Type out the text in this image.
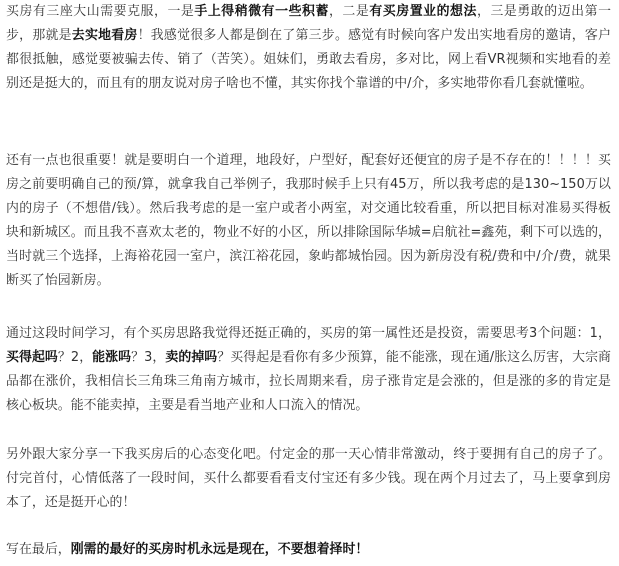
买房有三座大山需要克服，一是手上得稍微有一些积蓄，二是有买房置业的想法，三是勇敢的迈出第一步，那就是去实地看房！我感觉很多人都是倒在了第三步。感觉有时候向客户发出实地看房的邀请，客户都很抵触，感觉要被骗去传、销了（苦笑）。姐妹们，勇敢去看房，多对比，网上看VR视频和实地看的差别还是挺大的，而且有的朋友说对房子啥也不懂，其实你找个靠谱的中/介，多实地带你看几套就懂啦。

还有一点也很重要！就是要明白一个道理，地段好，户型好，配套好还便宜的房子是不存在的！！！！买房之前要明确自己的预/算，就拿我自己举例子，我那时候手上只有45万，所以我考虑的是130~150万以内的房子（不想借/钱）。然后我考虑的是一室户或者小两室，对交通比较看重，所以把目标对准易买得板块和新城区。而且我不喜欢太老的，物业不好的小区，所以排除国际华城=启航社=鑫苑，剩下可以选的，当时就三个选择，上海裕花园一室户，滨江裕花园，象屿都城怡园。因为新房没有税/费和中/介/费，就果断买了怡园新房。

通过这段时间学习，有个买房思路我觉得还挺正确的，买房的第一属性还是投资，需要思考3个问题：1，买得起吗？2，能涨吗？3，卖的掉吗？买得起是看你有多少预算，能不能涨，现在通/胀这么厉害，大宗商品都在涨价，我相信长三角珠三角南方城市，拉长周期来看，房子涨肯定是会涨的，但是涨的多的肯定是核心板块。能不能卖掉，主要是看当地产业和人口流入的情况。

另外跟大家分享一下我买房后的心态变化吧。付定金的那一天心情非常激动，终于要拥有自己的房子了。付完首付，心情低落了一段时间，买什么都要看看支付宝还有多少钱。现在两个月过去了，马上要拿到房本了，还是挺开心的！

写在最后，刚需的最好的买房时机永远是现在，不要想着择时！
